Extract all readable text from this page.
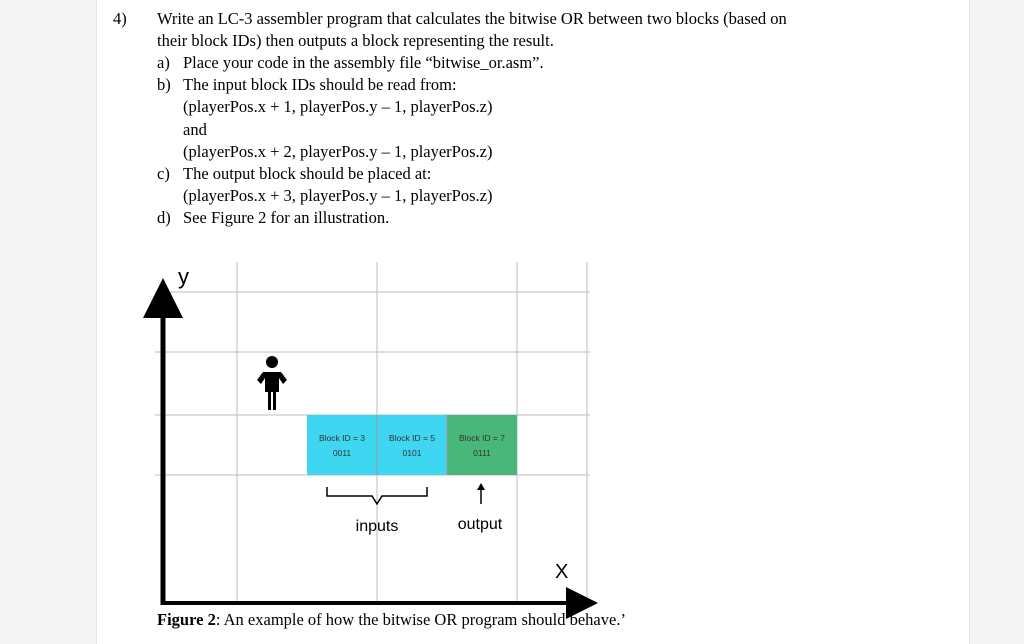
4) Write an LC-3 assembler program that calculates the bitwise OR between two blocks (based on
their block IDs) then outputs a block representing the result.
a) Place your code in the assembly file “bitwise_or.asm”.
b) The input block IDs should be read from:
(playerPos.x + 1, playerPos.y – 1, playerPos.z)
and
(playerPos.x + 2, playerPos.y – 1, playerPos.z)
c) The output block should be placed at:
(playerPos.x + 3, playerPos.y – 1, playerPos.z)
d) See Figure 2 for an illustration.
Block ID = 3
0011
Block ID = 5
0101
Block ID = 7
0111
y
X
inputs	output
Figure 2: An example of how the bitwise OR program should behave.’
